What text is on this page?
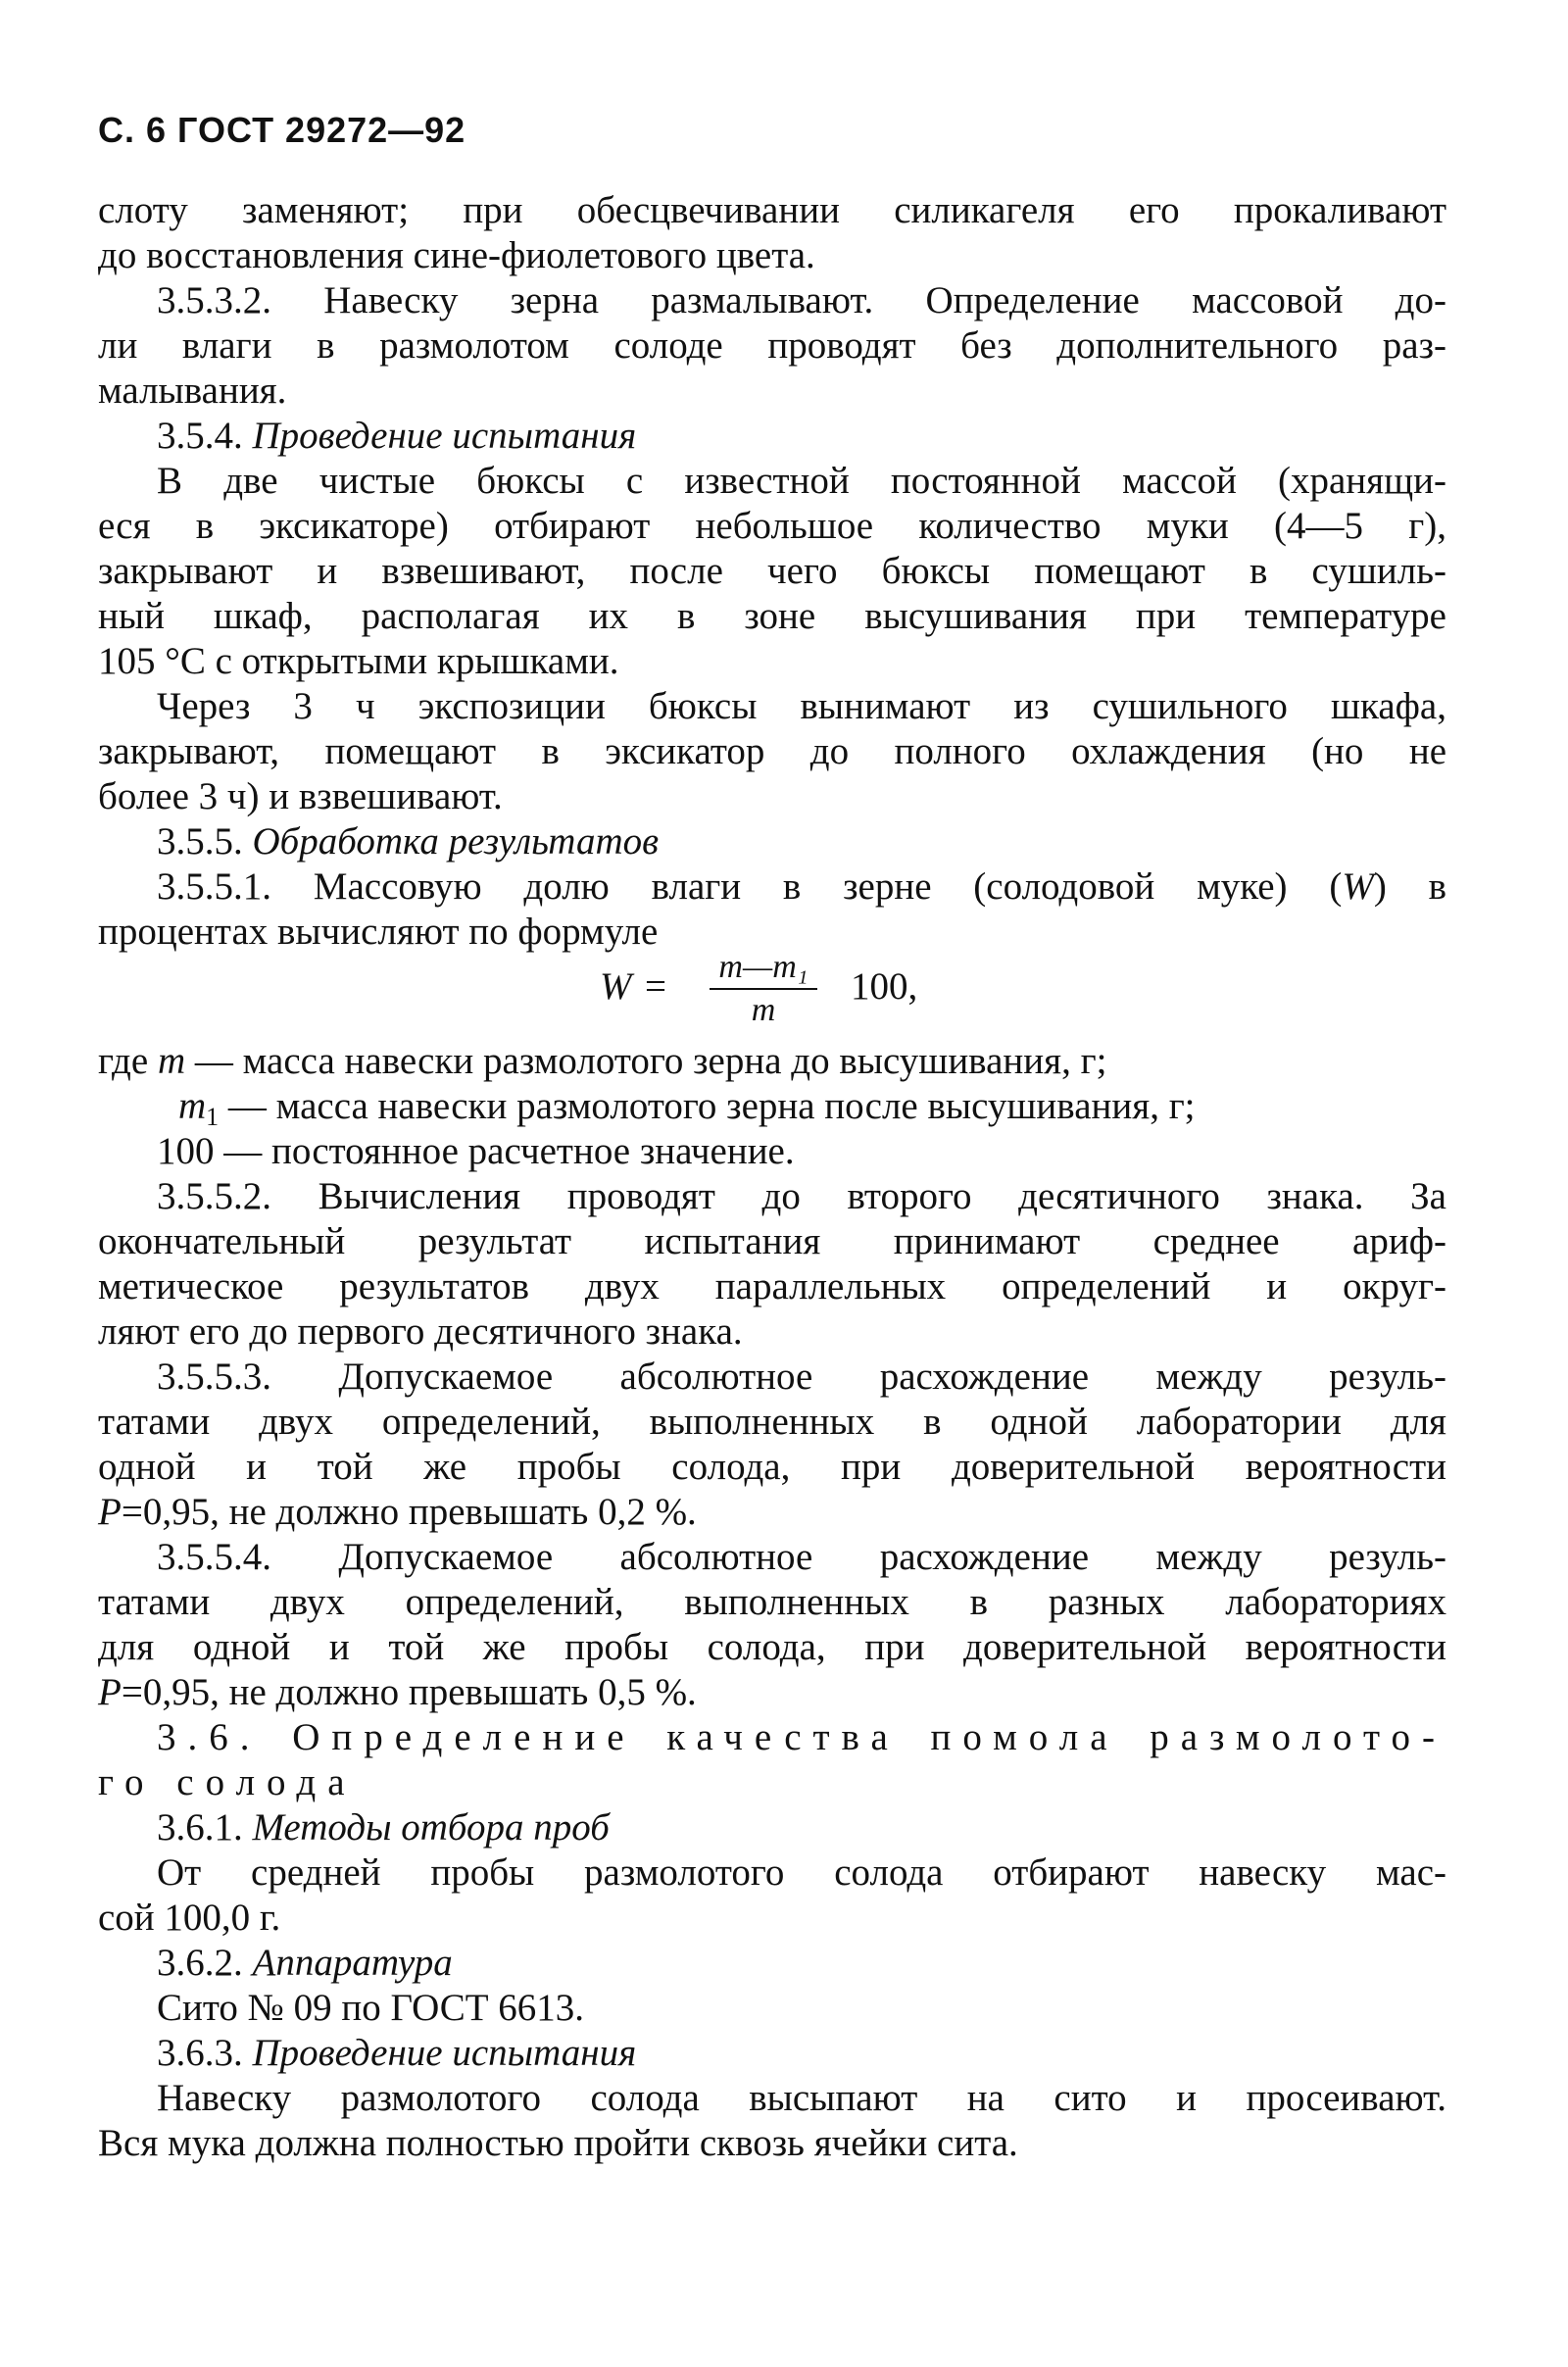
С. 6 ГОСТ 29272—92
слоту заменяют; при обесцвечивании силикагеля его прокаливают
до восстановления сине-фиолетового цвета.
3.5.3.2. Навеску зерна размалывают. Определение массовой до-
ли влаги в размолотом солоде проводят без дополнительного раз-
малывания.
3.5.4. Проведение испытания
В две чистые бюксы с известной постоянной массой (хранящи-
еся в эксикаторе) отбирают небольшое количество муки (4—5 г),
закрывают и взвешивают, после чего бюксы помещают в сушиль-
ный шкаф, располагая их в зоне высушивания при температуре
105 °С с открытыми крышками.
Через 3 ч экспозиции бюксы вынимают из сушильного шкафа,
закрывают, помещают в эксикатор до полного охлаждения (но не
более 3 ч) и взвешивают.
3.5.5. Обработка результатов
3.5.5.1. Массовую долю влаги в зерне (солодовой муке) (W) в
процентах вычисляют по формуле
W = m—m₁
m
100,
где m — масса навески размолотого зерна до высушивания, г;
$m_1$ — масса навески размолотого зерна после высушивания, г;
100 — постоянное расчетное значение.
3.5.5.2. Вычисления проводят до второго десятичного знака. За
окончательный результат испытания принимают среднее ариф-
метическое результатов двух параллельных определений и округ-
ляют его до первого десятичного знака.
3.5.5.3. Допускаемое абсолютное расхождение между резуль-
татами двух определений, выполненных в одной лаборатории для
одной и той же пробы солода, при доверительной вероятности
P=0,95, не должно превышать 0,2 %.
3.5.5.4. Допускаемое абсолютное расхождение между резуль-
татами двух определений, выполненных в разных лабораториях
для одной и той же пробы солода, при доверительной вероятности
P=0,95, не должно превышать 0,5 %.
3.6. Определение качества помола размолото-
го солода
3.6.1. Методы отбора проб
От средней пробы размолотого солода отбирают навеску мас-
сой 100,0 г.
3.6.2. Аппаратура
Сито № 09 по ГОСТ 6613.
3.6.3. Проведение испытания
Навеску размолотого солода высыпают на сито и просеивают.
Вся мука должна полностью пройти сквозь ячейки сита.
